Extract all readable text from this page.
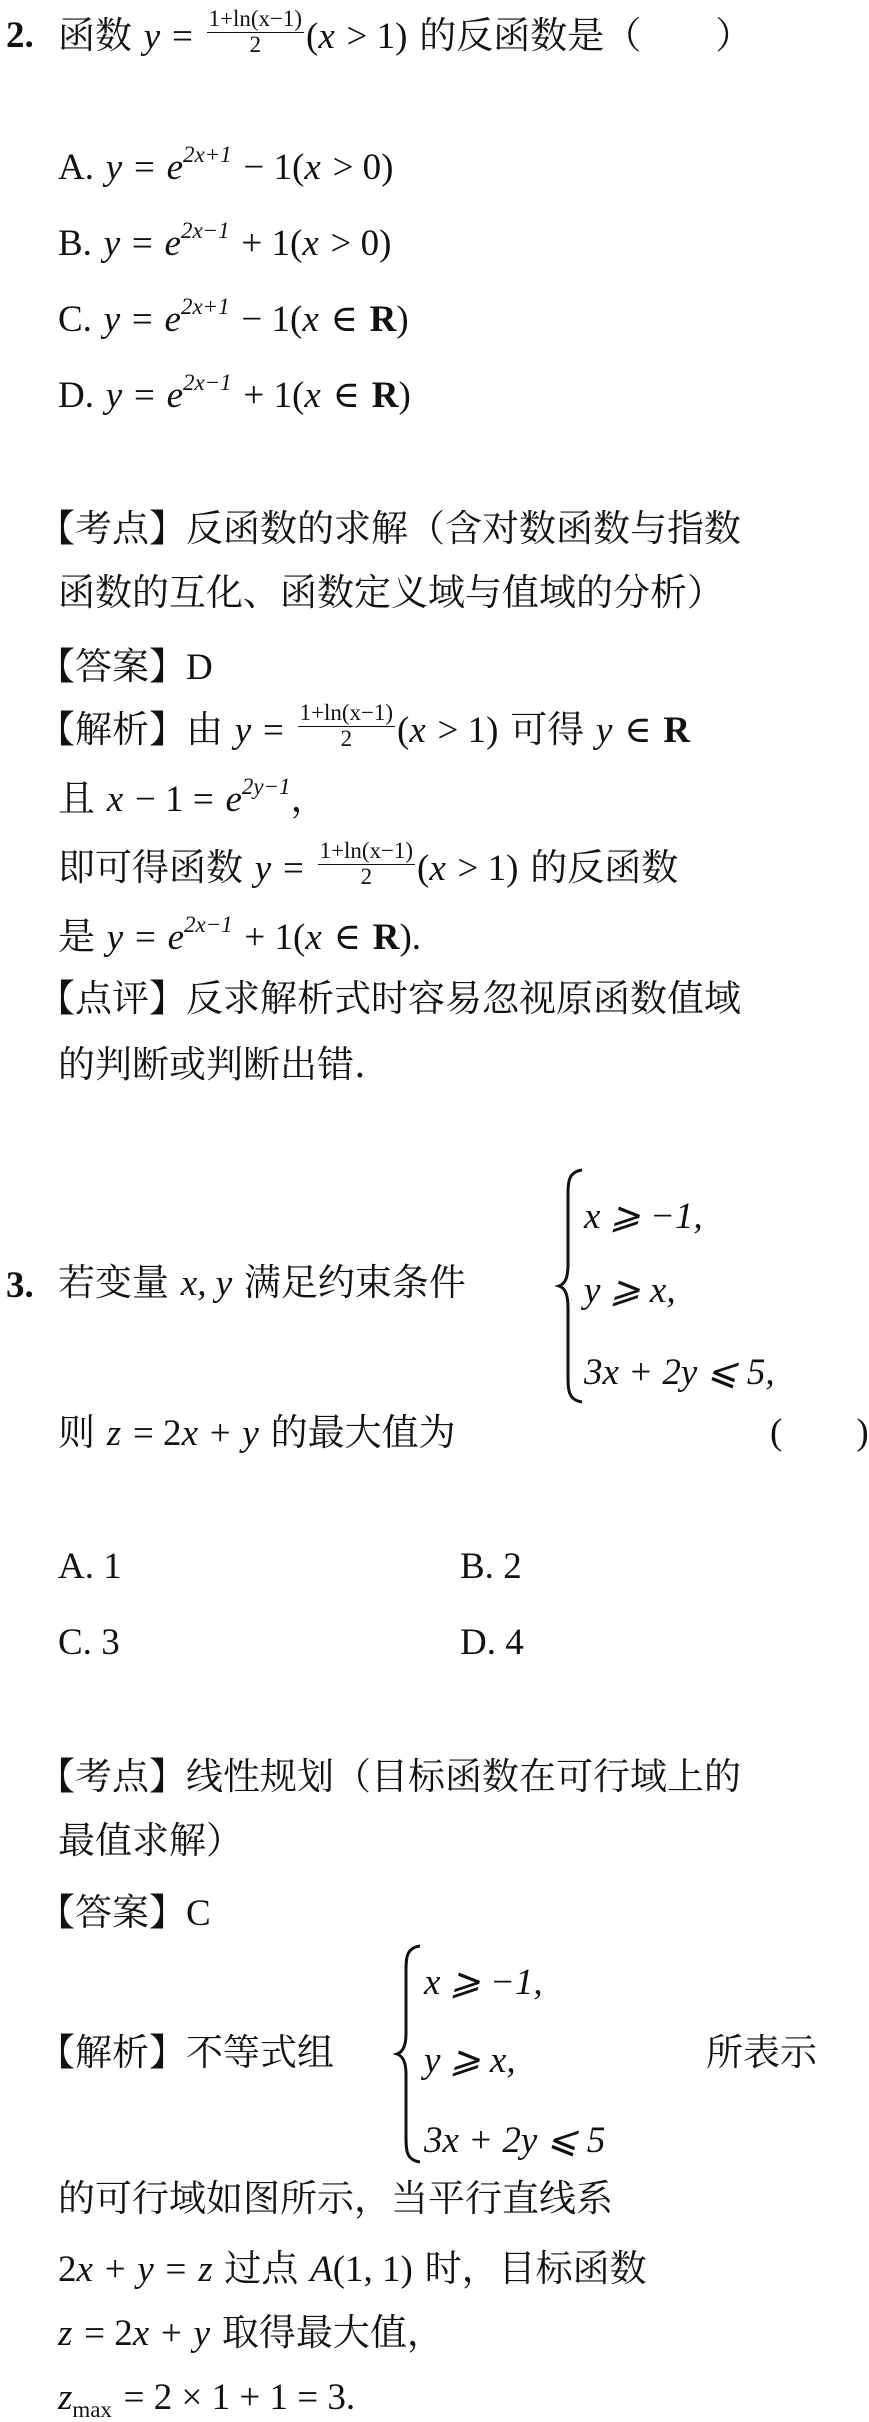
2. 函数 $y = \frac{1+\ln(x-1)}{2} (x > 1)$ 的反函数是（　　）
A. $y = e^{2x+1} - 1(x > 0)$
B. $y = e^{2x-1} + 1(x > 0)$
C. $y = e^{2x+1} - 1(x$ ∈ R)
D. $y = e^{2x-1} + 1(x$ ∈ R)
【考点】反函数的求解（含对数函数与指数
函数的互化、函数定义域与值域的分析）
【答案】D
【解析】由 $y = \frac{1+\ln(x-1)}{2} (x > 1)$ 可得 y ∈ R
且 $x - 1 = e^{2y-1}$，
即可得函数 $y = \frac{1+\ln(x-1)}{2} (x > 1)$ 的反函数
是 $y = e^{2x-1} + 1(x$ ∈ R).
【点评】反求解析式时容易忽视原函数值域
的判断或判断出错.
3. 若变量 x, y 满足约束条件
x ⩾ −1,
y ⩾ x,
3x + 2y ⩽ 5,
则 z = 2x + y 的最大值为	(　　)
A. 1	B. 2
C. 3	D. 4
【考点】线性规划（目标函数在可行域上的
最值求解）
【答案】C
【解析】不等式组
x ⩾ −1,
y ⩾ x,
3x + 2y ⩽ 5
所表示
的可行域如图所示，当平行直线系
2x + y = z 过点 A(1, 1) 时，目标函数
z = 2x + y 取得最大值，
$z_{max} = 2 \times 1 + 1 = 3$.
